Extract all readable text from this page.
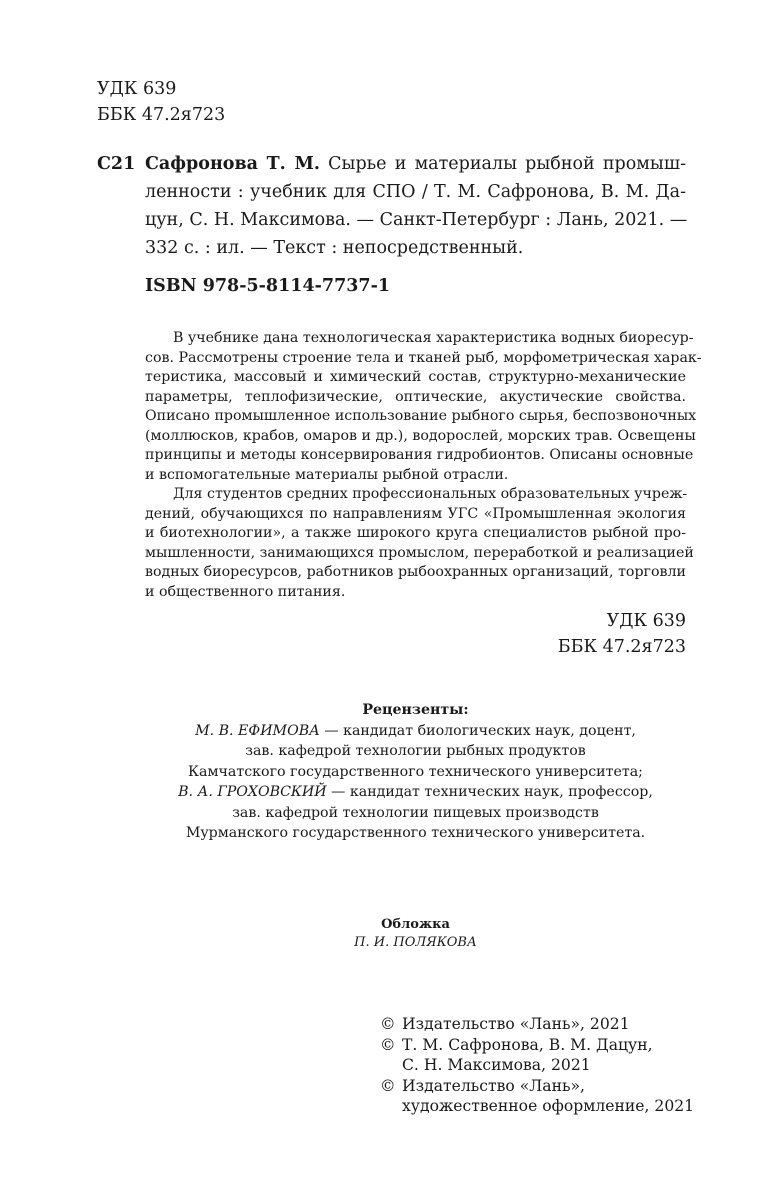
УДК 639
ББК 47.2я723
С21 Сафронова Т. М. Сырье и материалы рыбной промыш-
ленности : учебник для СПО / Т. М. Сафронова, В. М. Да-
цун, С. Н. Максимова. — Санкт-Петербург : Лань, 2021. —
332 с. : ил. — Текст : непосредственный.
ISBN 978-5-8114-7737-1
В учебнике дана технологическая характеристика водных биоресур-
сов. Рассмотрены строение тела и тканей рыб, морфометрическая харак-
теристика, массовый и химический состав, структурно-механические
параметры, теплофизические, оптические, акустические свойства.
Описано промышленное использование рыбного сырья, беспозвоночных
(моллюсков, крабов, омаров и др.), водорослей, морских трав. Освещены
принципы и методы консервирования гидробионтов. Описаны основные
и вспомогательные материалы рыбной отрасли.
Для студентов средних профессиональных образовательных учреж-
дений, обучающихся по направлениям УГС «Промышленная экология
и биотехнологии», а также широкого круга специалистов рыбной про-
мышленности, занимающихся промыслом, переработкой и реализацией
водных биоресурсов, работников рыбоохранных организаций, торговли
и общественного питания.
УДК 639
ББК 47.2я723
Рецензенты:
М. В. ЕФИМОВА — кандидат биологических наук, доцент,
зав. кафедрой технологии рыбных продуктов
Камчатского государственного технического университета;
В. А. ГРОХОВСКИЙ — кандидат технических наук, профессор,
зав. кафедрой технологии пищевых производств
Мурманского государственного технического университета.
Обложка
П. И. ПОЛЯКОВА
© Издательство «Лань», 2021
© Т. М. Сафронова, В. М. Дацун,
С. Н. Максимова, 2021
© Издательство «Лань»,
художественное оформление, 2021
